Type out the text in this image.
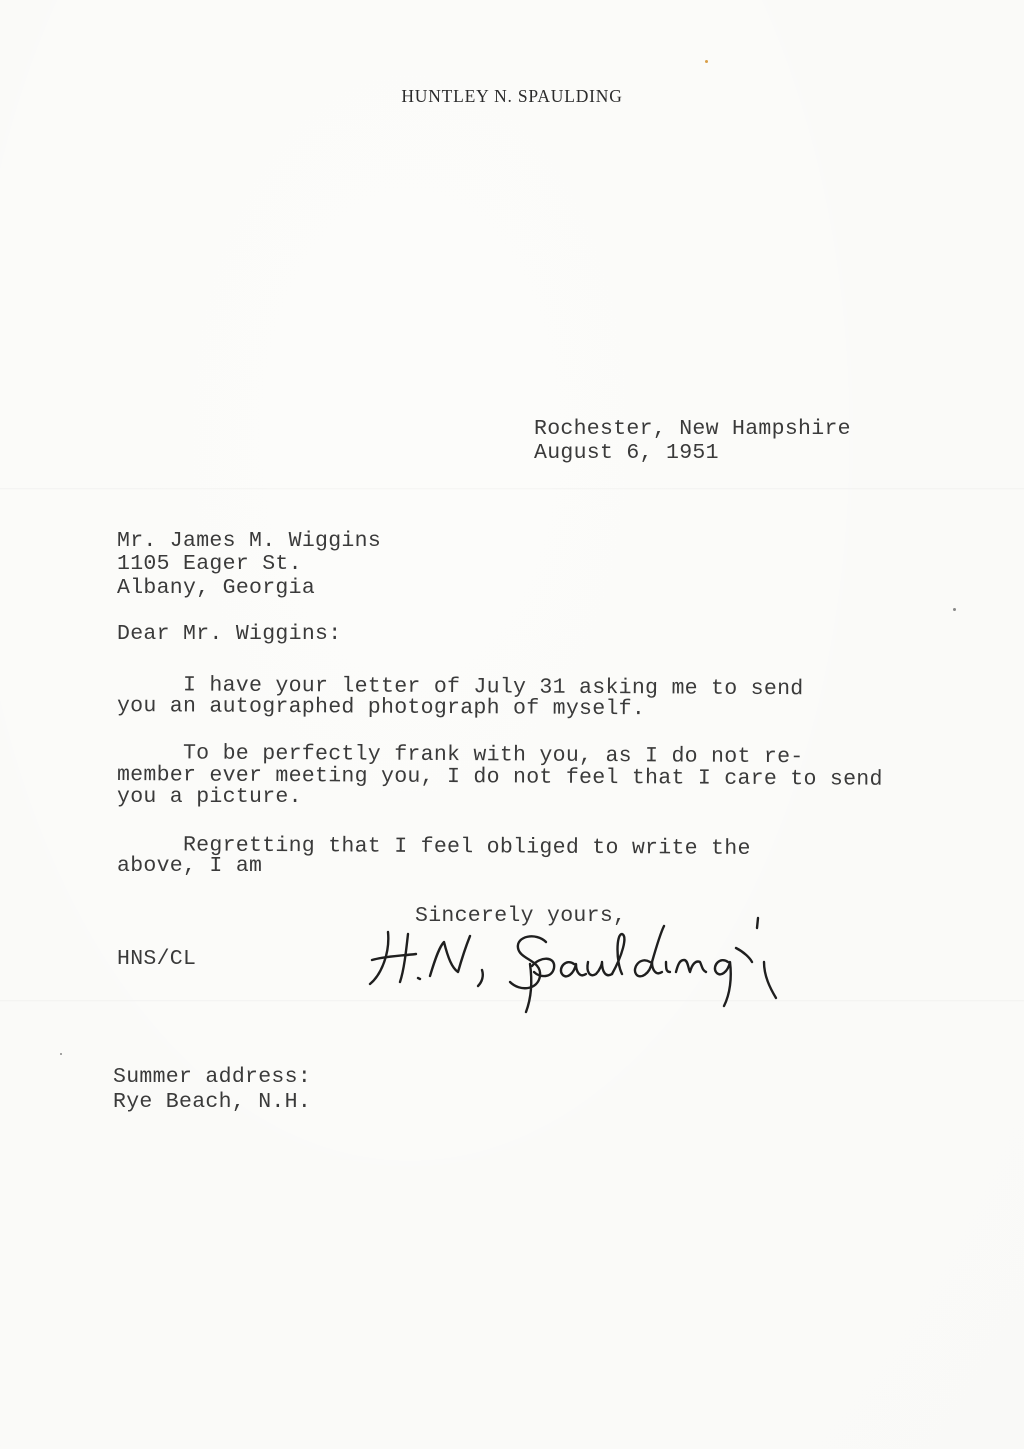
HUNTLEY N. SPAULDING
Rochester, New Hampshire
August 6, 1951
Mr. James M. Wiggins
1105 Eager St.
Albany, Georgia
Dear Mr. Wiggins:
I have your letter of July 31 asking me to send
you an autographed photograph of myself.
To be perfectly frank with you, as I do not re-
member ever meeting you, I do not feel that I care to send
you a picture.
Regretting that I feel obliged to write the
above, I am
Sincerely yours,
HNS/CL
Summer address:
Rye Beach, N.H.
